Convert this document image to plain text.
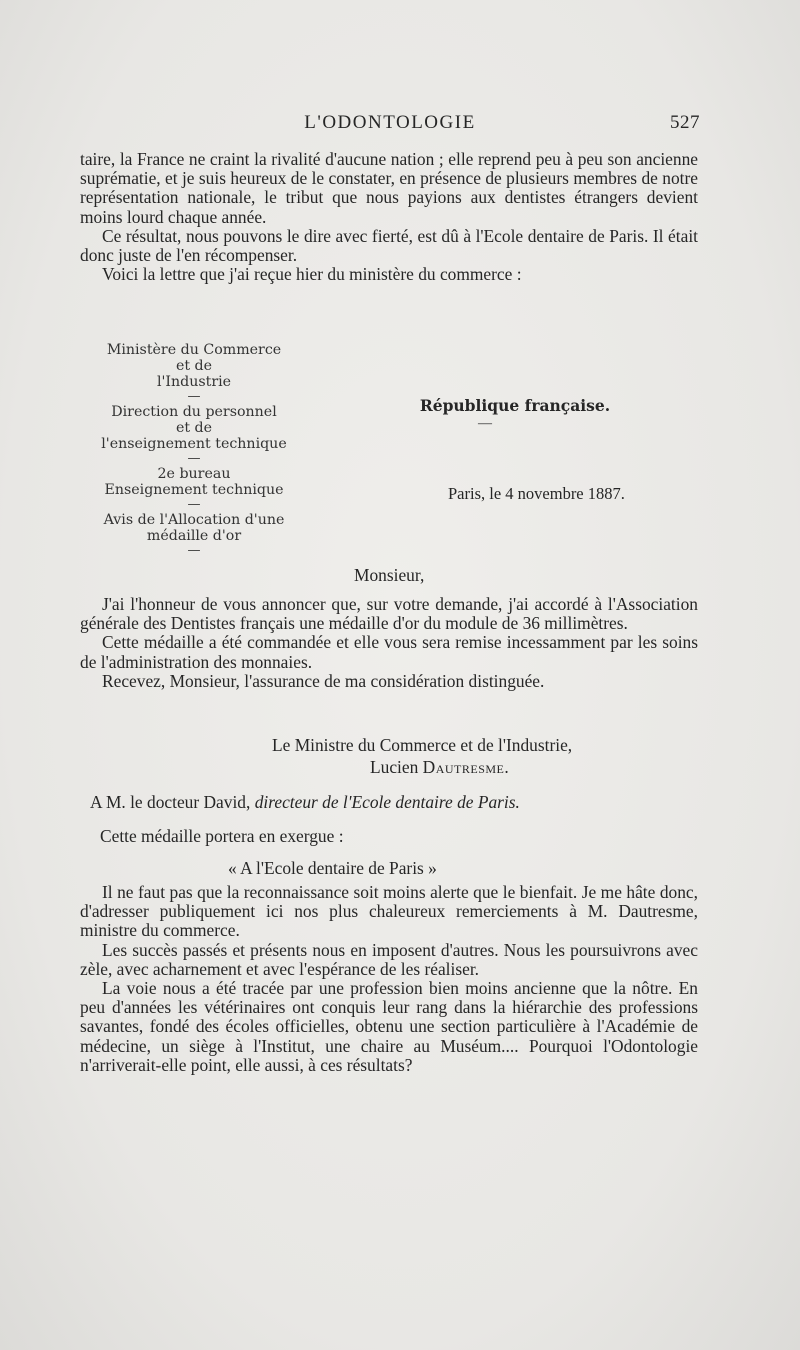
L'ODONTOLOGIE	527

taire, la France ne craint la rivalité d'aucune nation ; elle reprend peu à peu son ancienne suprématie, et je suis heureux de le constater, en présence de plusieurs membres de notre représentation nationale, le tribut que nous payions aux dentistes étrangers devient moins lourd chaque année.

Ce résultat, nous pouvons le dire avec fierté, est dû à l'Ecole dentaire de Paris. Il était donc juste de l'en récompenser.

Voici la lettre que j'ai reçue hier du ministère du commerce :

Ministère du Commerce
et de
l'Industrie
—
Direction du personnel
et de
l'enseignement technique
—
2e bureau
Enseignement technique
—
Avis de l'Allocation d'une
médaille d'or
—
République française.
—
Paris, le 4 novembre 1887.
Monsieur,

J'ai l'honneur de vous annoncer que, sur votre demande, j'ai accordé à l'Association générale des Dentistes français une médaille d'or du module de 36 millimètres.

Cette médaille a été commandée et elle vous sera remise incessamment par les soins de l'administration des monnaies.

Recevez, Monsieur, l'assurance de ma considération distinguée.

Le Ministre du Commerce et de l'Industrie,
Lucien Dautresme.
A M. le docteur David, directeur de l'Ecole dentaire de Paris.
Cette médaille portera en exergue :
« A l'Ecole dentaire de Paris »

Il ne faut pas que la reconnaissance soit moins alerte que le bienfait. Je me hâte donc, d'adresser publiquement ici nos plus chaleureux remerciements à M. Dautresme, ministre du commerce.

Les succès passés et présents nous en imposent d'autres. Nous les poursuivrons avec zèle, avec acharnement et avec l'espérance de les réaliser.

La voie nous a été tracée par une profession bien moins ancienne que la nôtre. En peu d'années les vétérinaires ont conquis leur rang dans la hiérarchie des professions savantes, fondé des écoles officielles, obtenu une section particulière à l'Académie de médecine, un siège à l'Institut, une chaire au Muséum.... Pourquoi l'Odontologie n'arriverait-elle point, elle aussi, à ces résultats?
